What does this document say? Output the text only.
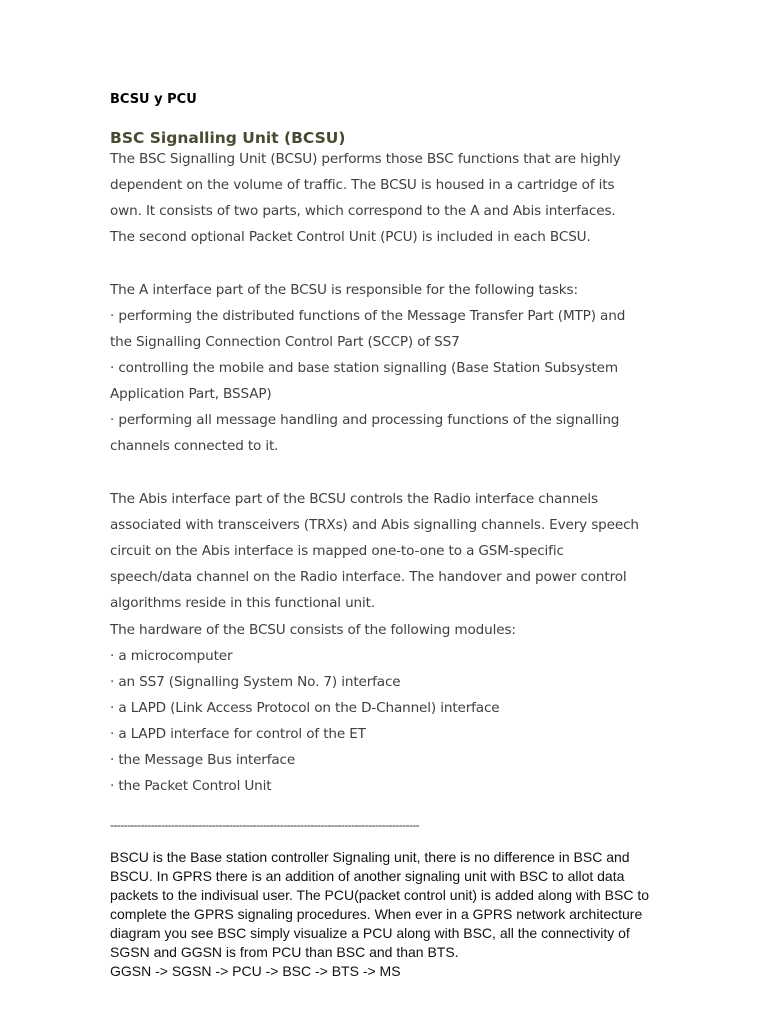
BCSU y PCU
BSC Signalling Unit (BCSU)
The BSC Signalling Unit (BCSU) performs those BSC functions that are highly
dependent on the volume of traffic. The BCSU is housed in a cartridge of its
own. It consists of two parts, which correspond to the A and Abis interfaces.
The second optional Packet Control Unit (PCU) is included in each BCSU.
The A interface part of the BCSU is responsible for the following tasks:
· performing the distributed functions of the Message Transfer Part (MTP) and
the Signalling Connection Control Part (SCCP) of SS7
· controlling the mobile and base station signalling (Base Station Subsystem
Application Part, BSSAP)
· performing all message handling and processing functions of the signalling
channels connected to it.
The Abis interface part of the BCSU controls the Radio interface channels
associated with transceivers (TRXs) and Abis signalling channels. Every speech
circuit on the Abis interface is mapped one-to-one to a GSM-specific
speech/data channel on the Radio interface. The handover and power control
algorithms reside in this functional unit.
The hardware of the BCSU consists of the following modules:
· a microcomputer
· an SS7 (Signalling System No. 7) interface
· a LAPD (Link Access Protocol on the D-Channel) interface
· a LAPD interface for control of the ET
· the Message Bus interface
· the Packet Control Unit
-------------------------------------------------------------------------------------------
BSCU is the Base station controller Signaling unit, there is no difference in BSC and
BSCU. In GPRS there is an addition of another signaling unit with BSC to allot data
packets to the indivisual user. The PCU(packet control unit) is added along with BSC to
complete the GPRS signaling procedures. When ever in a GPRS network architecture
diagram you see BSC simply visualize a PCU along with BSC, all the connectivity of
SGSN and GGSN is from PCU than BSC and than BTS.
GGSN -> SGSN -> PCU -> BSC -> BTS -> MS
